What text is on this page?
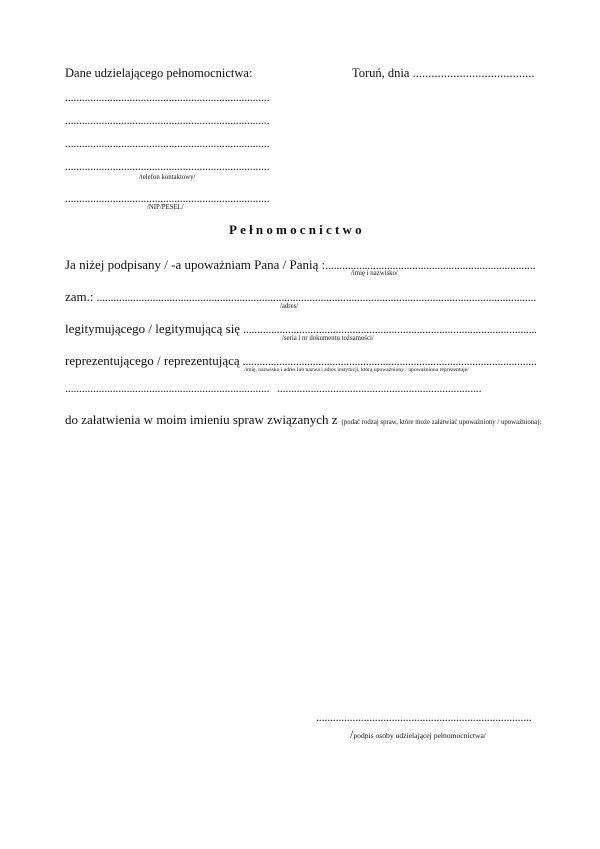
Dane udzielającego pełnomocnictwa:	Toruń, dnia .......................................
.........................................................................
.........................................................................
.........................................................................
.........................................................................
/telefon kontaktowy/
.........................................................................
/NIP/PESEL/
Pełnomocnictwo
Ja niżej podpisany / -a upoważniam Pana / Panią :
.....
/imię i nazwisko/
zam.:
.....
/adres/
legitymującego / legitymującą się
.....
/seria i nr dokumentu tożsamości/
reprezentującego / reprezentującą
.....
/imię, nazwisko i adres lub nazwa i adres instytucji, którą upoważniony / upoważniona reprezentuje/
......................................................................... .........................................................................
do załatwienia w moim imieniu spraw związanych z (podać rodzaj spraw, które może załatwiać upoważniony / upoważniona):
.............................................................................
/podpis osoby udzielającej pełnomocnictwa/
